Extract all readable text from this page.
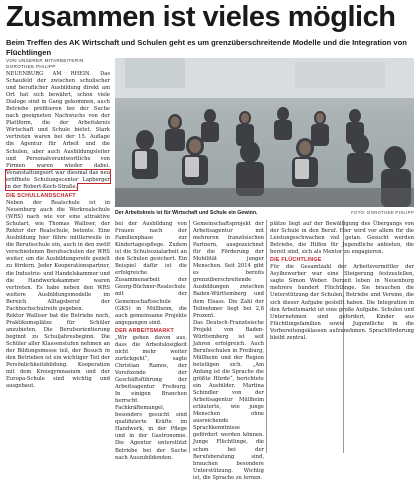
Zusammen ist vieles möglich
Beim Treffen des AK Wirtschaft und Schulen geht es um grenzüberschreitende Modelle und die Integration von Flüchtlingen
VON UNSERER MITARBEITERIN
DOROTHEE PHILIPP

NEUENBURG AM RHEIN. Das Schaufeld der zwischen schulischer und beruflicher Ausbildung direkt am Ort hat sich bewährt, schon viele Dialoge sind in Gang gekommen, auch Betriebe profitieren bei der Suche nach geeigneten Nachwuchs von der Plattform, die der Arbeitskreis Wirtschaft und Schule bietet. Stark vertreten waren bei der 15. Auflage die Agentur für Arbeit und die Schulen, aber auch Ausbildungsleiter und Personalverantwortliche von Firmen waren wieder dabei. Veranstaltungsort war diesmal das neu eröffnete Schulungscenter Lapberger in der Robert-Koch-Straße.

DIE SCHULLANDSCHAFT

Neben der Realschule ist in Neuenburg auch die Werkrealschule (WRS) nach wie vor eine attraktive Schulart, wie Thomas Walliser, der Rektor der Realschule, betonte. Eine Ausbildung hier führe mittlerweile in die Berufsschule ein, auch in den zwölf verschiedenen Berufsschulen der WRS weiter, um die Ausbildungsreife gezielt zu fördern. Jeder Kooperationspartner, die Industrie- und Handelskammer und die Handwerkskammer waren vertreten. Es habe neben den WRS weitere Ausbildungsmodelle im Bereich Alltagsberuf der Fachhochschulreife gegeben.

Rektor Walliser bat die Betriebe noch, Praktikumsplätze für Schüler anzubieten. Die Berufsorientierung beginnt zu Schuljahresbeginn. Die Schüler aller Klassenstufen nehmen an der Bildungsmesse teil, der Besuch in den Betrieben ist ein wichtiger Teil der Persönlichkeitsbildung. Kooperation mit dem Kreisgymnasium und der Europa-Schule sind wichtig und ausgebaut.

Der Arbeitskreis ist für Wirtschaft und Schule ein Gewinn.	FOTO: DOROTHEE PHILIPP

bei der Ausbildung von Frauen nach der Familienphase zur Kindertagespflege. Zudem ist die Schulsozialarbeit an den Schulen gesichert. Ein Beispiel dafür ist die erfolgreiche Zusammenarbeit der Georg-Büchner-Realschule mit der Gemeinschaftsschule (GKS) in Müllheim, die auch gemeinsame Projekte angegangen sind.

DER ARBEITSMARKT

„Wir gehen davon aus, dass die Arbeitslosigkeit nicht mehr weiter zurückgeht“, sagte Christian Ramos, der Vorsitzende der Geschäftsführung der Arbeitsagentur Freiburg. In einigen Branchen herrscht Fachkräftemangel, besonders gesucht sind qualifizierte Kräfte im Handwerk, in der Pflege und in der Gastronomie. Die Agentur unterstützt Betriebe bei der Suche nach Auszubildenden.

Gemeinschaftsprojekt der Arbeitsagentur mit mehreren französischen Partnern, ausgezeichnet für die Förderung der Mobilität junger Menschen. Seit 2014 gibt es bereits grenzüberschreitende Ausbildungen zwischen Baden-Württemberg und dem Elsass. Die Zahl der Teilnehmer liegt bei 2,8 Prozent.

Das Deutsch-Französische Projekt von Baden-Württemberg ist seit Jahren erfolgreich. Auch Berufsschulen in Freiburg, Müllheim und der Region beteiligen sich. „Am Anfang ist die Sprache die größte Hürde“, berichtete ein Ausbilder. Martina Schindler von der Arbeitsagentur Müllheim erläuterte, wie junge Menschen ohne ausreichende Sprachkenntnisse gefördert werden können. Junge Flüchtlinge, die schon bei der Berufsberatung sind, brauchen besondere Unterstützung. Wichtig ist, die Sprache zu lernen.

plätze liegt auf der Bewältigung des Übergangs von der Schule in den Beruf. Hier wird vor allem für die Leistungsschwachen viel getan. Gesucht werden Betriebe, die Hilfen für Jugendliche anbieten, die bereit sind, sich als Mentor zu engagieren.

DIE FLÜCHTLINGE

Für die Gesamtzahl der Arbeitsvermittler der Asylbewerber war eine Steigerung festzustellen, sagte Simon Weber. Derzeit leben in Neuenburg mehrere hundert Flüchtlinge. Sie brauchen die Unterstützung der Schulen, Betriebe und Vereine, die sich dieser Aufgabe gestellt haben. Die Integration in den Arbeitsmarkt ist eine große Aufgabe. Schulen und Unternehmen sind gefordert, Kinder aus Flüchtlingsfamilien sowie Jugendliche in die Vorbereitungsklassen aufzunehmen. Sprachförderung bleibt zentral.
